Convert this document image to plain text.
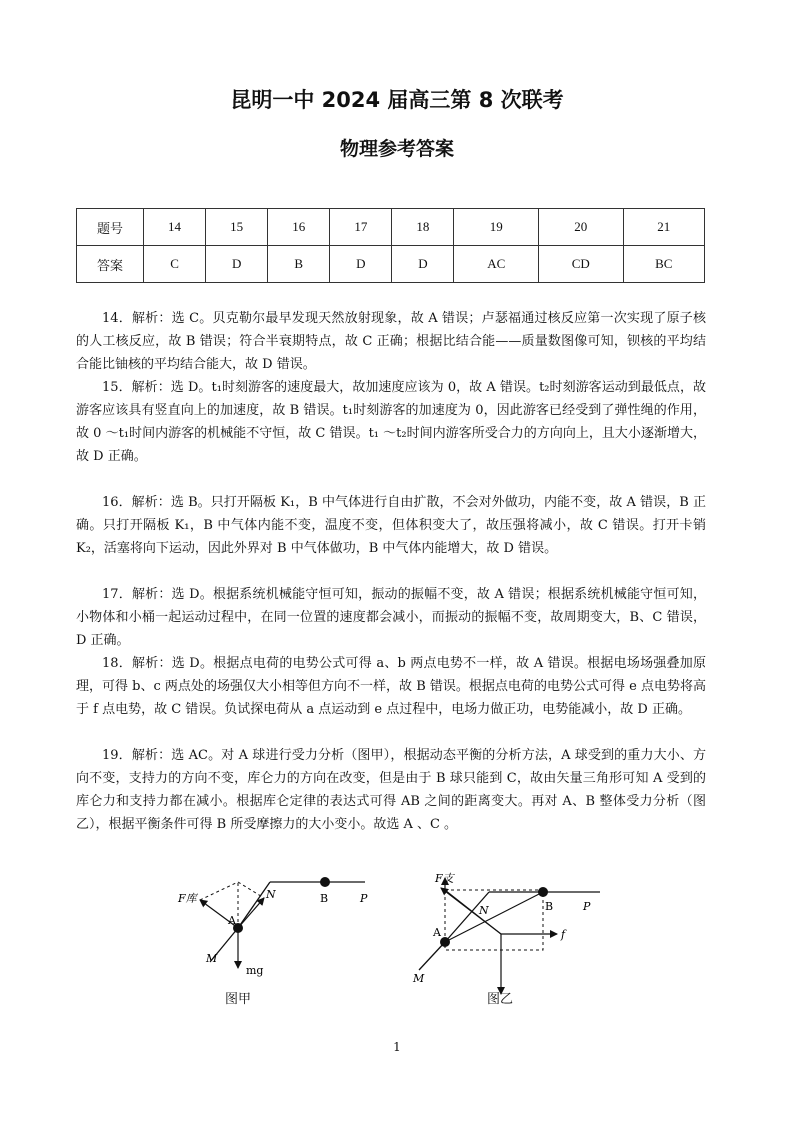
昆明一中 2024 届高三第 8 次联考
物理参考答案
题号	14	15	16	17	18	19	20	21
答案	C	D	B	D	D	AC	CD	BC

14．解析：选 C。贝克勒尔最早发现天然放射现象，故 A 错误；卢瑟福通过核反应第一次实现了原子核的人工核反应，故 B 错误；符合半衰期特点，故 C 正确；根据比结合能——质量数图像可知，钡核的平均结合能比铀核的平均结合能大，故 D 错误。

15．解析：选 D。t₁时刻游客的速度最大，故加速度应该为 0，故 A 错误。t₂时刻游客运动到最低点，故游客应该具有竖直向上的加速度，故 B 错误。t₁时刻游客的加速度为 0，因此游客已经受到了弹性绳的作用，故 0 ～t₁时间内游客的机械能不守恒，故 C 错误。t₁ ～t₂时间内游客所受合力的方向向上，且大小逐渐增大，故 D 正确。

16．解析：选 B。只打开隔板 K₁，B 中气体进行自由扩散，不会对外做功，内能不变，故 A 错误，B 正确。只打开隔板 K₁，B 中气体内能不变，温度不变，但体积变大了，故压强将减小，故 C 错误。打开卡销 K₂，活塞将向下运动，因此外界对 B 中气体做功，B 中气体内能增大，故 D 错误。

17．解析：选 D。根据系统机械能守恒可知，振动的振幅不变，故 A 错误；根据系统机械能守恒可知，小物体和小桶一起运动过程中，在同一位置的速度都会减小，而振动的振幅不变，故周期变大，B、C 错误，D 正确。

18．解析：选 D。根据点电荷的电势公式可得 a、b 两点电势不一样，故 A 错误。根据电场场强叠加原理，可得 b、c 两点处的场强仅大小相等但方向不一样，故 B 错误。根据点电荷的电势公式可得 e 点电势将高于 f 点电势，故 C 错误。负试探电荷从 a 点运动到 e 点过程中，电场力做正功，电势能减小，故 D 正确。

19．解析：选 AC。对 A 球进行受力分析（图甲），根据动态平衡的分析方法，A 球受到的重力大小、方向不变，支持力的方向不变，库仑力的方向在改变，但是由于 B 球只能到 C，故由矢量三角形可知 A 受到的库仑力和支持力都在减小。根据库仑定律的表达式可得 AB 之间的距离变大。再对 A、B 整体受力分析（图乙），根据平衡条件可得 B 所受摩擦力的大小变小。故选 A 、C 。

F库	N
A
B	P
M
mg
图甲
F支
N
A
B	P
M
f
图乙
1
